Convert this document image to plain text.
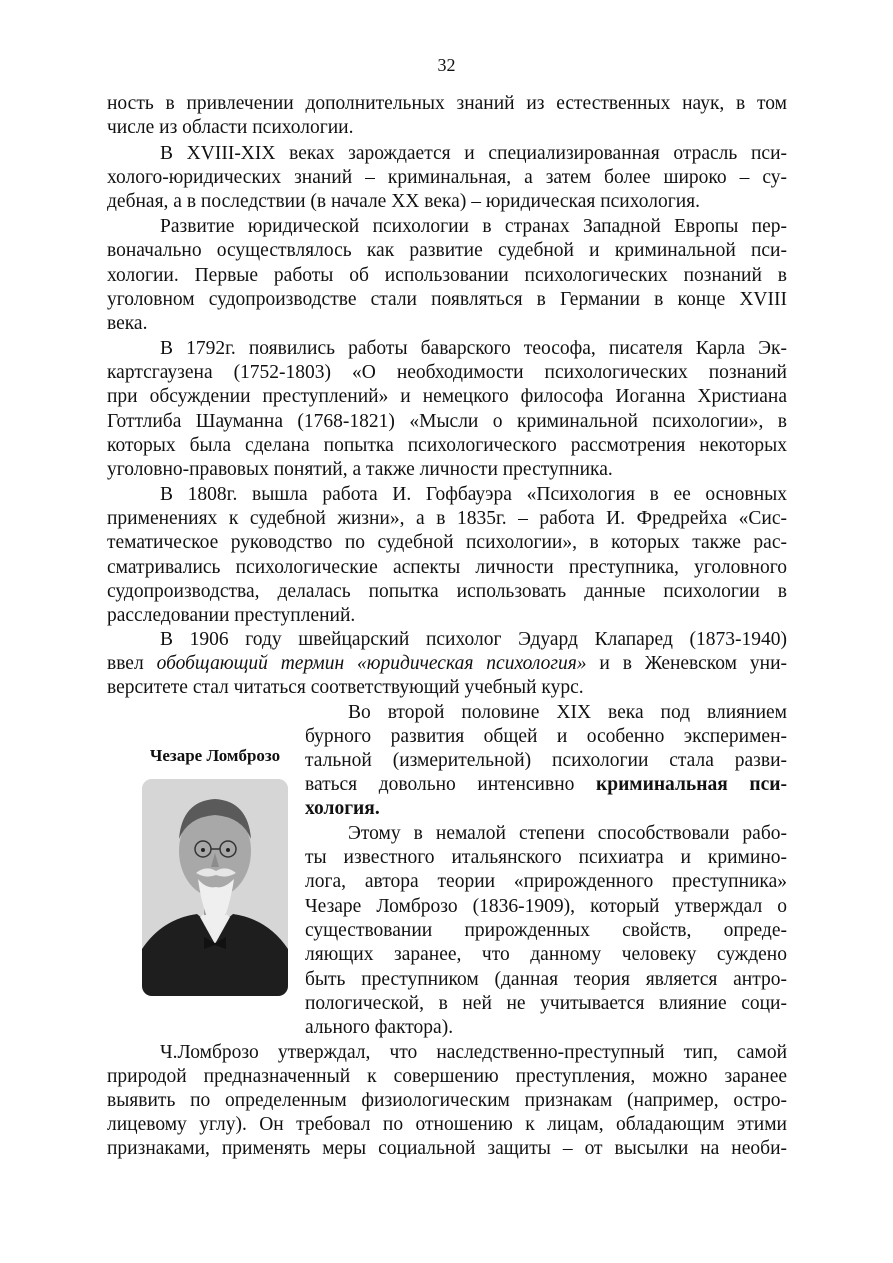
32
ность в привлечении дополнительных знаний из естественных наук, в том
числе из области психологии.
В XVIII-XIX веках зарождается и специализированная отрасль пси-
холого-юридических знаний – криминальная, а затем более широко – су-
дебная, а в последствии (в начале XX века) – юридическая психология.
Развитие юридической психологии в странах Западной Европы пер-
воначально осуществлялось как развитие судебной и криминальной пси-
хологии. Первые работы об использовании психологических познаний в
уголовном судопроизводстве стали появляться в Германии в конце XVIII
века.
В 1792г. появились работы баварского теософа, писателя Карла Эк-
картсгаузена (1752-1803) «О необходимости психологических познаний
при обсуждении преступлений» и немецкого философа Иоганна Христиана
Готтлиба Шауманна (1768-1821) «Мысли о криминальной психологии», в
которых была сделана попытка психологического рассмотрения некоторых
уголовно-правовых понятий, а также личности преступника.
В 1808г. вышла работа И. Гофбауэра «Психология в ее основных
применениях к судебной жизни», а в 1835г. – работа И. Фредрейха «Сис-
тематическое руководство по судебной психологии», в которых также рас-
сматривались психологические аспекты личности преступника, уголовного
судопроизводства, делалась попытка использовать данные психологии в
расследовании преступлений.
В 1906 году швейцарский психолог Эдуард Клапаред (1873-1940)
ввел обобщающий термин «юридическая психология» и в Женевском уни-
верситете стал читаться соответствующий учебный курс.
Чезаре Ломброзо
Во второй половине XIX века под влиянием
бурного развития общей и особенно эксперимен-
тальной (измерительной) психологии стала разви-
ваться довольно интенсивно криминальная пси-
хология.
Этому в немалой степени способствовали рабо-
ты известного итальянского психиатра и кримино-
лога, автора теории «прирожденного преступника»
Чезаре Ломброзо (1836-1909), который утверждал о
существовании прирожденных свойств, опреде-
ляющих заранее, что данному человеку суждено
быть преступником (данная теория является антро-
пологической, в ней не учитывается влияние соци-
ального фактора).
Ч.Ломброзо утверждал, что наследственно-преступный тип, самой
природой предназначенный к совершению преступления, можно заранее
выявить по определенным физиологическим признакам (например, остро-
лицевому углу). Он требовал по отношению к лицам, обладающим этими
признаками, применять меры социальной защиты – от высылки на необи-
